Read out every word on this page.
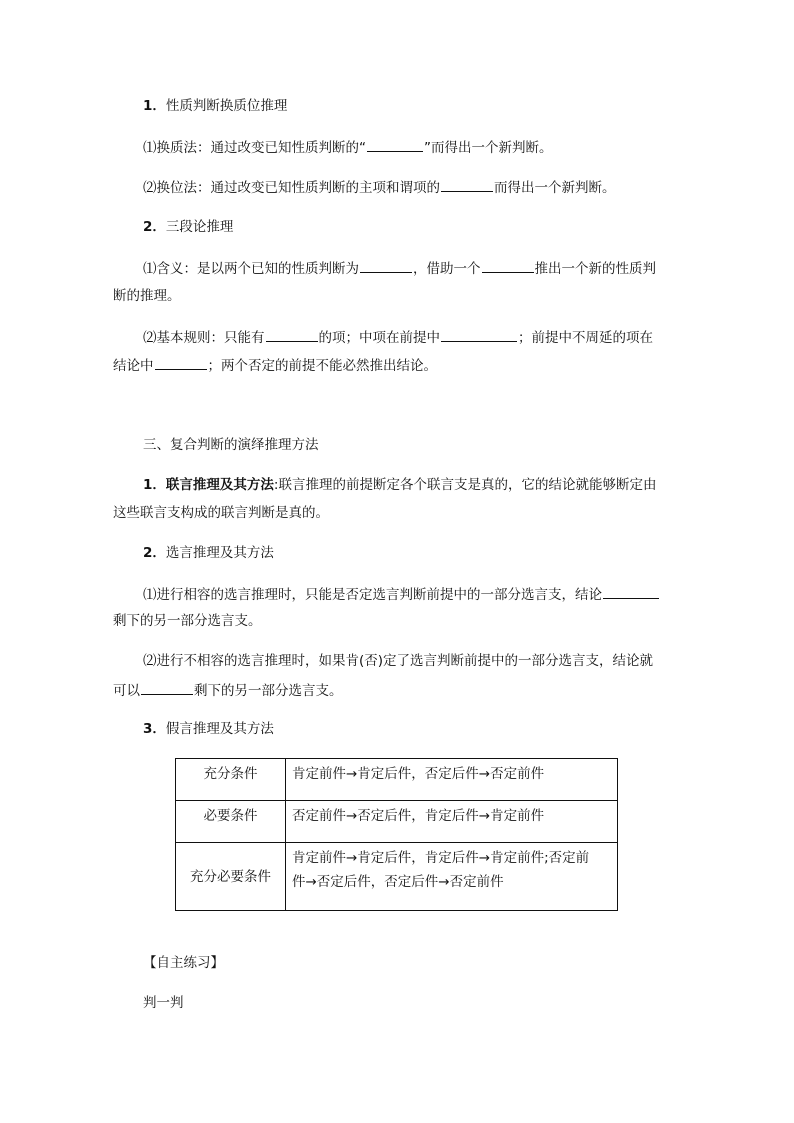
1．性质判断换质位推理
⑴换质法：通过改变已知性质判断的“	”而得出一个新判断。
⑵换位法：通过改变已知性质判断的主项和谓项的	而得出一个新判断。
2．三段论推理
⑴含义：是以两个已知的性质判断为	，借助一个	推出一个新的性质判
断的推理。
⑵基本规则：只能有	的项；中项在前提中	；前提中不周延的项在
结论中	；两个否定的前提不能必然推出结论。
三、复合判断的演绎推理方法
1．联言推理及其方法:联言推理的前提断定各个联言支是真的，它的结论就能够断定由
这些联言支构成的联言判断是真的。
2．选言推理及其方法
⑴进行相容的选言推理时，只能是否定选言判断前提中的一部分选言支，结论
剩下的另一部分选言支。
⑵进行不相容的选言推理时，如果肯(否)定了选言判断前提中的一部分选言支，结论就
可以	剩下的另一部分选言支。
3．假言推理及其方法
充分条件	肯定前件→肯定后件，否定后件→否定前件

必要条件	否定前件→否定后件，肯定后件→肯定前件

充分必要条件	肯定前件→肯定后件，肯定后件→肯定前件;否定前
件→否定后件，否定后件→否定前件
【自主练习】
判一判
